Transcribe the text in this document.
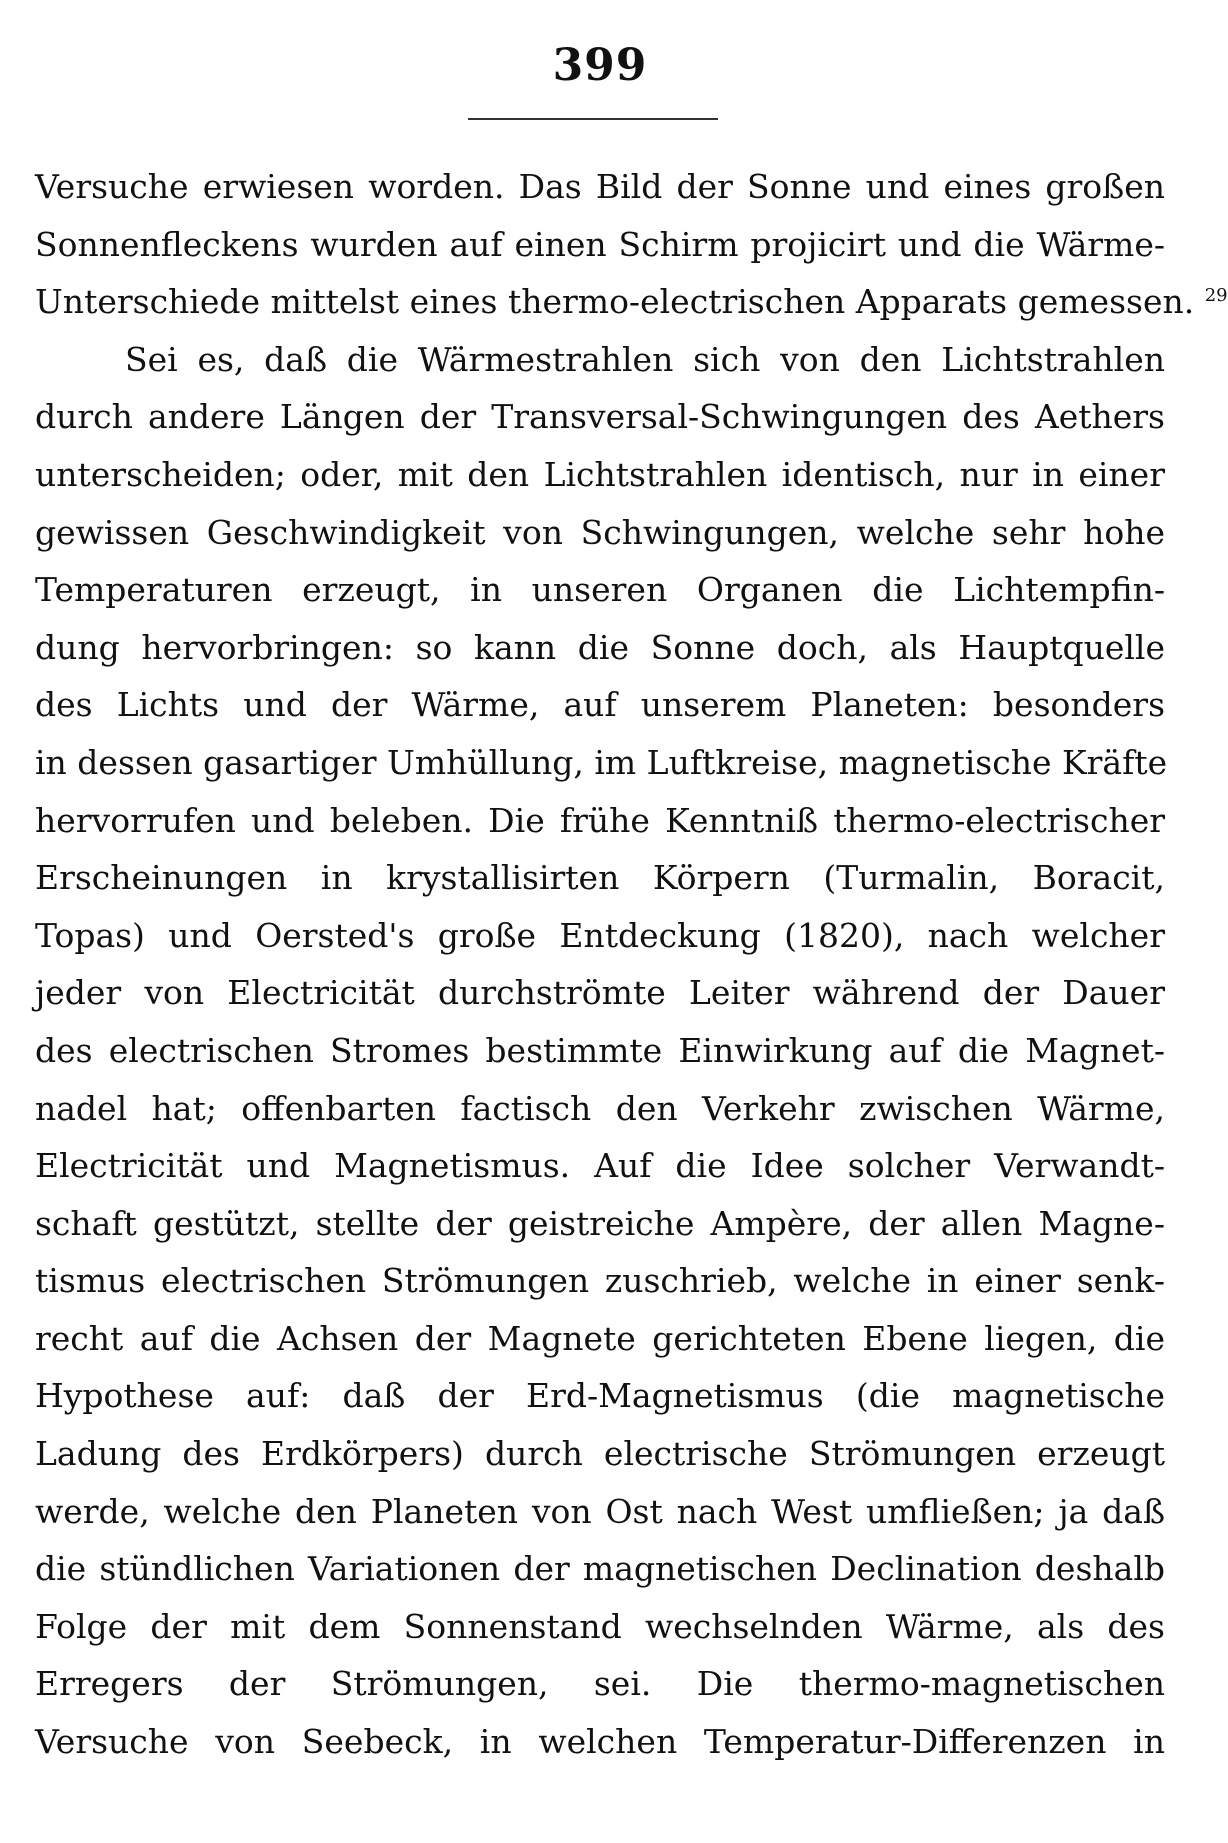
399
Versuche erwiesen worden. Das Bild der Sonne und eines großen
Sonnenfleckens wurden auf einen Schirm projicirt und die Wärme-
Unterschiede mittelst eines thermo-electrischen Apparats gemessen. $^{29}$
Sei es, daß die Wärmestrahlen sich von den Lichtstrahlen
durch andere Längen der Transversal-Schwingungen des Aethers
unterscheiden; oder, mit den Lichtstrahlen identisch, nur in einer
gewissen Geschwindigkeit von Schwingungen, welche sehr hohe
Temperaturen erzeugt, in unseren Organen die Lichtempfin-
dung hervorbringen: so kann die Sonne doch, als Hauptquelle
des Lichts und der Wärme, auf unserem Planeten: besonders
in dessen gasartiger Umhüllung, im Luftkreise, magnetische Kräfte
hervorrufen und beleben. Die frühe Kenntniß thermo-electrischer
Erscheinungen in krystallisirten Körpern (Turmalin, Boracit,
Topas) und Oersted's große Entdeckung (1820), nach welcher
jeder von Electricität durchströmte Leiter während der Dauer
des electrischen Stromes bestimmte Einwirkung auf die Magnet-
nadel hat; offenbarten factisch den Verkehr zwischen Wärme,
Electricität und Magnetismus. Auf die Idee solcher Verwandt-
schaft gestützt, stellte der geistreiche Ampère, der allen Magne-
tismus electrischen Strömungen zuschrieb, welche in einer senk-
recht auf die Achsen der Magnete gerichteten Ebene liegen, die
Hypothese auf: daß der Erd-Magnetismus (die magnetische
Ladung des Erdkörpers) durch electrische Strömungen erzeugt
werde, welche den Planeten von Ost nach West umfließen; ja daß
die stündlichen Variationen der magnetischen Declination deshalb
Folge der mit dem Sonnenstand wechselnden Wärme, als des
Erregers der Strömungen, sei. Die thermo-magnetischen
Versuche von Seebeck, in welchen Temperatur-Differenzen in
